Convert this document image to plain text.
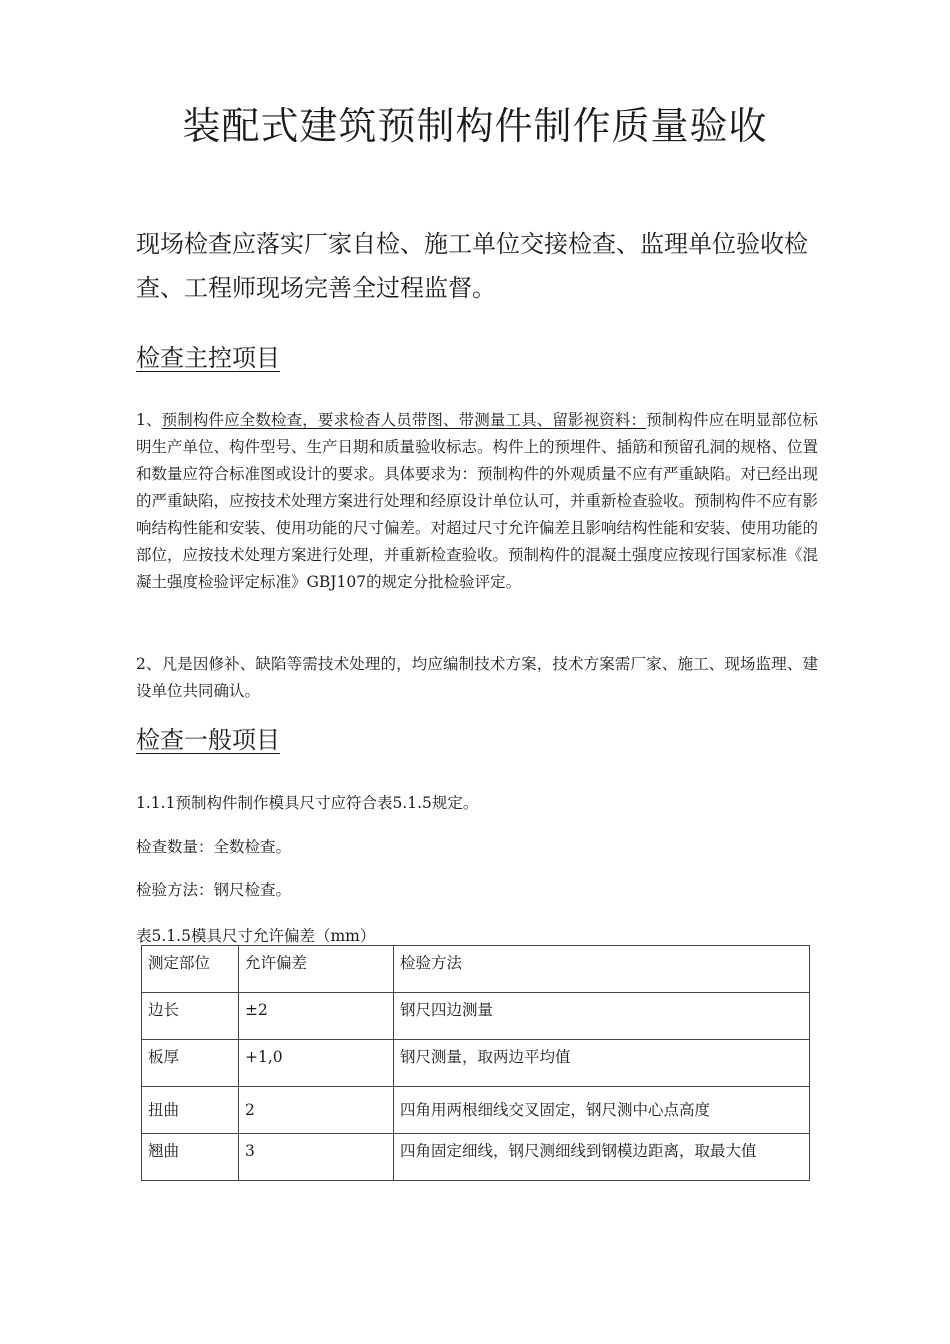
装配式建筑预制构件制作质量验收

现场检查应落实厂家自检、施工单位交接检查、监理单位验收检查、工程师现场完善全过程监督。

检查主控项目

1、预制构件应全数检查，要求检杳人员带图、带测量工具、留影视资料：预制构件应在明显部位标明生产单位、构件型号、生产日期和质量验收标志。构件上的预埋件、插筋和预留孔洞的规格、位置和数量应符合标准图或设计的要求。具体要求为：预制构件的外观质量不应有严重缺陷。对已经出现的严重缺陷，应按技术处理方案进行处理和经原设计单位认可，并重新检查验收。预制构件不应有影响结构性能和安装、使用功能的尺寸偏差。对超过尺寸允许偏差且影响结构性能和安装、使用功能的部位，应按技术处理方案进行处理，并重新检查验收。预制构件的混凝土强度应按现行国家标准《混凝土强度检验评定标准》GBJ107的规定分批检验评定。

2、凡是因修补、缺陷等需技术处理的，均应编制技术方案，技术方案需厂家、施工、现场监理、建设单位共同确认。

检查一般项目

1.1.1预制构件制作模具尺寸应符合表5.1.5规定。

检查数量：全数检查。

检验方法：钢尺检查。

表5.1.5模具尺寸允许偏差（mm）

测定部位	允许偏差	检验方法
边长	±2	钢尺四边测量
板厚	+1,0	钢尺测量，取两边平均值
扭曲	2	四角用两根细线交叉固定，钢尺测中心点高度
翘曲	3	四角固定细线，钢尺测细线到钢模边距离，取最大值
